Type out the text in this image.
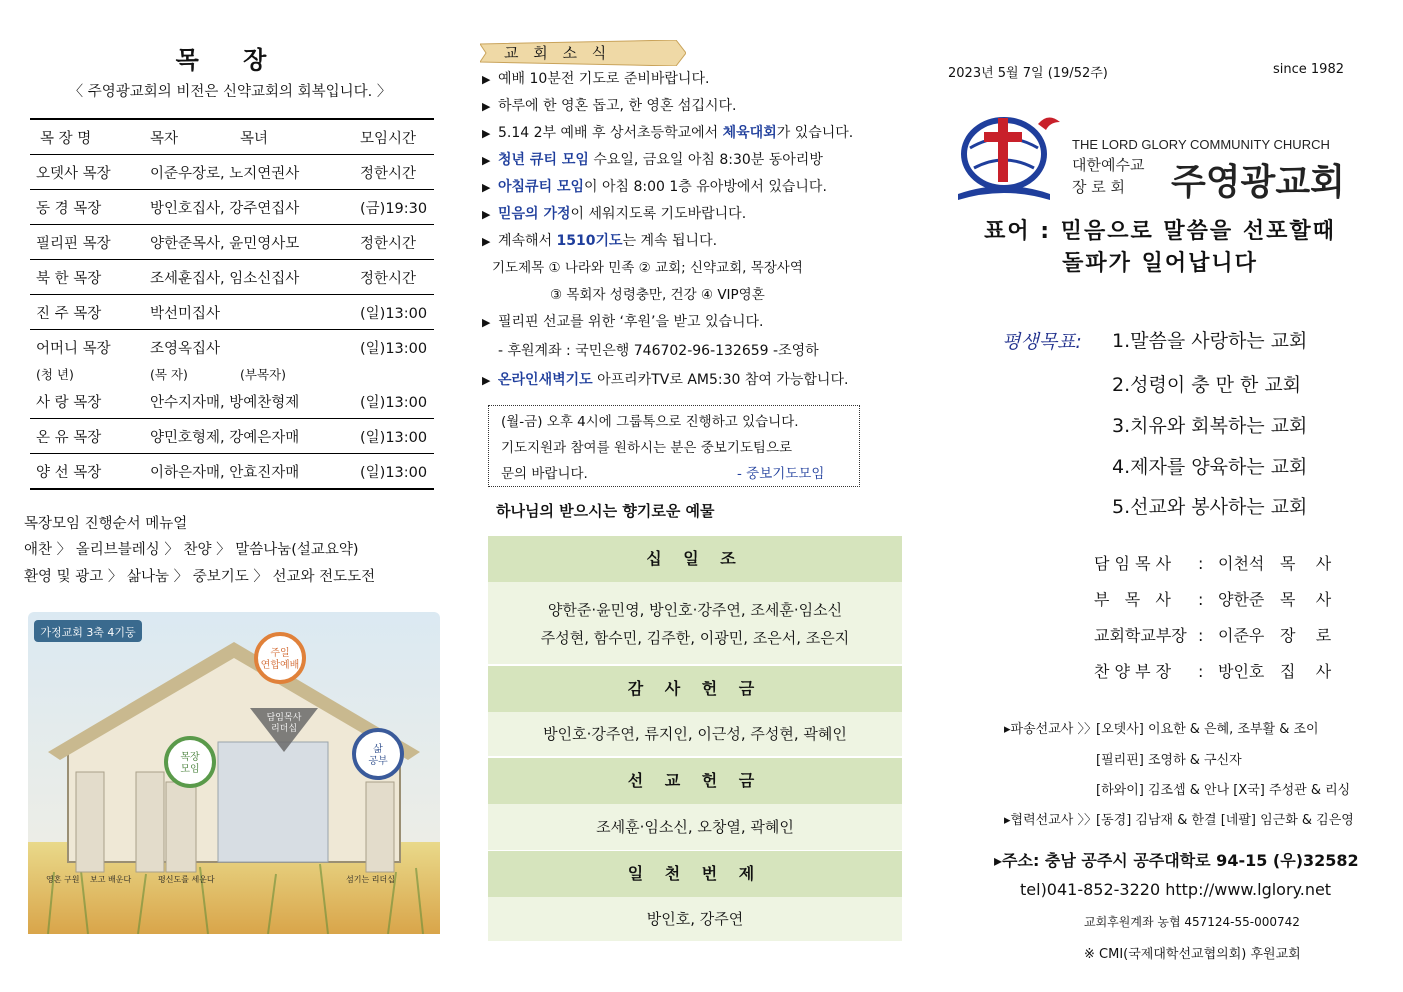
목 장
〈 주영광교회의 비전은 신약교회의 회복입니다. 〉
목 장 명	목자	목녀	모임시간
오뎃사 목장	이준우장로, 노지연권사		정한시간
동 경 목장	방인호집사, 강주연집사		(금)19:30
필리핀 목장	양한준목사, 윤민영사모		정한시간
북 한 목장	조세훈집사, 임소신집사		정한시간
진 주 목장	박선미집사		(일)13:00
어머니 목장	조영옥집사		(일)13:00
(청 년)	(목 자)	(부목자)	
사 랑 목장	안수지자매, 방예찬형제		(일)13:00
온 유 목장	양민호형제, 강예은자매		(일)13:00
양 선 목장	이하은자매, 안효진자매		(일)13:00
목장모임 진행순서 메뉴얼
애찬 〉 올리브블레싱 〉 찬양 〉 말씀나눔(설교요약)
환영 및 광고 〉 삶나눔 〉 중보기도 〉 선교와 전도도전
가정교회 3축 4기둥
주일
연합예배
목장
모임
삶
공부
담임목사
리더십
영혼 구원 보고 배운다	평신도를 세운다	섬기는 리더십
교 회 소 식
▶ 예배 10분전 기도로 준비바랍니다.
▶ 하루에 한 영혼 돕고, 한 영혼 섬깁시다.
▶ 5.14 2부 예배 후 상서초등학교에서 체육대회가 있습니다.
▶ 청년 큐티 모임 수요일, 금요일 아침 8:30분 동아리방
▶ 아침큐티 모임이 아침 8:00 1층 유아방에서 있습니다.
▶ 믿음의 가정이 세워지도록 기도바랍니다.
▶ 계속해서 1510기도는 계속 됩니다.
기도제목 ① 나라와 민족 ② 교회; 신약교회, 목장사역
③ 목회자 성령충만, 건강 ④ VIP영혼
▶ 필리핀 선교를 위한 ‘후원’을 받고 있습니다.
- 후원계좌 : 국민은행 746702-96-132659 -조영하
▶ 온라인새벽기도 아프리카TV로 AM5:30 참여 가능합니다.
(월-금) 오후 4시에 그룹톡으로 진행하고 있습니다.
기도지원과 참여를 원하시는 분은 중보기도팀으로
문의 바랍니다.	- 중보기도모임
하나님의 받으시는 향기로운 예물
십 일 조
양한준·윤민영, 방인호·강주연, 조세훈·임소신
주성현, 함수민, 김주한, 이광민, 조은서, 조은지
감 사 헌 금
방인호·강주연, 류지인, 이근성, 주성현, 곽혜인
선 교 헌 금
조세훈·임소신, 오창열, 곽혜인
일 천 번 제
방인호, 강주연
2023년 5월 7일 (19/52주)	since 1982
THE LORD GLORY COMMUNITY CHURCH
대한예수교
장 로 회 주영광교회
표어 : 믿음으로 말씀을 선포할때
돌파가 일어납니다
평생목표: 1.말씀을 사랑하는 교회
2.성령이 충 만 한 교회
3.치유와 회복하는 교회
4.제자를 양육하는 교회
5.선교와 봉사하는 교회
담 임 목 사 : 이천석 목    사
부   목   사 : 양한준 목    사
교회학교부장 : 이준우 장    로
찬 양 부 장 : 방인호 집    사
▸파송선교사 〉〉 [오뎃사] 이요한 & 은혜, 조부활 & 조이
[필리핀] 조영하 & 구신자
[하와이] 김조셉 & 안나 [X국] 주성관 & 리싱
▸협력선교사 〉〉 [동경] 김남재 & 한결 [네팔] 임근화 & 김은영
▸주소: 충남 공주시 공주대학로 94-15 (우)32582
tel)041-852-3220 http://www.lglory.net
교회후원계좌 농협 457124-55-000742
※ CMI(국제대학선교협의회) 후원교회
